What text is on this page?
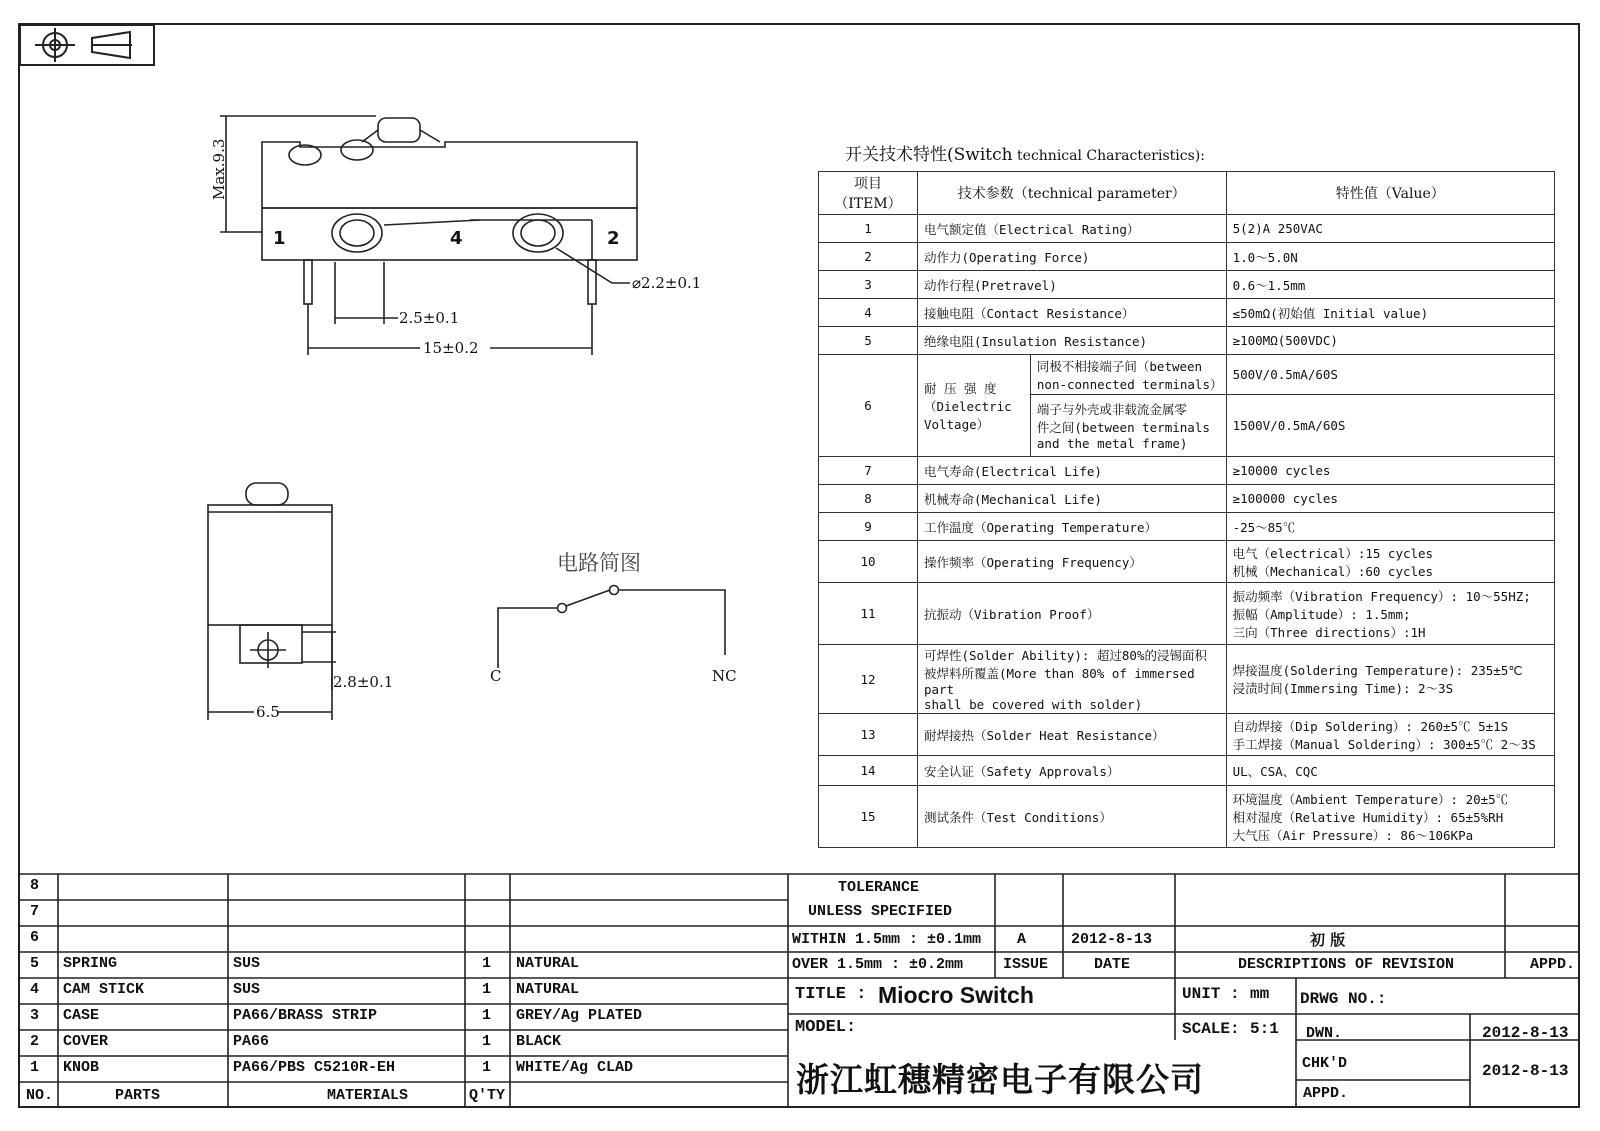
Max.9.3
1	4	2
⌀2.2±0.1
2.5±0.1
15±0.2
2.8±0.1
6.5
电路简图
C	NC
开关技术特性(Switch technical Characteristics):
项目
（ITEM）	技术参数（technical parameter）		特性值（Value）
1	电气额定值（Electrical Rating）		5(2)A 250VAC
2	动作力(Operating Force)		1.0～5.0N
3	动作行程(Pretravel)		0.6～1.5mm
4	接触电阻（Contact Resistance）		≤50mΩ(初始值 Initial value)
5	绝缘电阻(Insulation Resistance)		≥100MΩ(500VDC)
6	耐 压 强 度
（Dielectric
Voltage）	同极不相接端子间（between
non-connected terminals）	500V/0.5mA/60S
		端子与外壳或非载流金属零
件之间(between terminals
and the metal frame)	1500V/0.5mA/60S
7	电气寿命(Electrical Life)		≥10000 cycles
8	机械寿命(Mechanical Life)		≥100000 cycles
9	工作温度（Operating Temperature）		-25～85℃
10	操作频率（Operating Frequency）		电气（electrical）:15 cycles
机械（Mechanical）:60 cycles
11	抗振动（Vibration Proof）		振动频率（Vibration Frequency）: 10～55HZ;
振幅（Amplitude）: 1.5mm;
三向（Three directions）:1H
12	可焊性(Solder Ability): 超过80%的浸锡面积
被焊料所覆盖(More than 80% of immersed part
shall be covered with solder)		焊接温度(Soldering Temperature): 235±5℃
浸渍时间(Immersing Time): 2～3S
13	耐焊接热（Solder Heat Resistance）		自动焊接（Dip Soldering）: 260±5℃ 5±1S
手工焊接（Manual Soldering）: 300±5℃ 2～3S
14	安全认证（Safety Approvals）		UL、CSA、CQC
15	测试条件（Test Conditions）		环境温度（Ambient Temperature）: 20±5℃
相对湿度（Relative Humidity）: 65±5%RH
大气压（Air Pressure）: 86～106KPa
8
7
6
5 SPRING	SUS	1 NATURAL
4 CAM STICK	SUS	1 NATURAL
3 CASE	PA66/BRASS STRIP	1 GREY/Ag PLATED
2 COVER	PA66	1 BLACK
1 KNOB	PA66/PBS C5210R-EH	1 WHITE/Ag CLAD
NO.	PARTS	MATERIALS	Q'TY
TOLERANCE
UNLESS SPECIFIED
WITHIN 1.5mm : ±0.1mm
OVER 1.5mm : ±0.2mm
A	2012-8-13	初 版
ISSUE	DATE	DESCRIPTIONS OF REVISION	APPD.
TITLE : Miocro Switch	UNIT : mm DRWG NO.:
MODEL:	SCALE: 5:1 DWN.	2012-8-13
CHK'D	2012-8-13
APPD.
浙江虹穗精密电子有限公司
